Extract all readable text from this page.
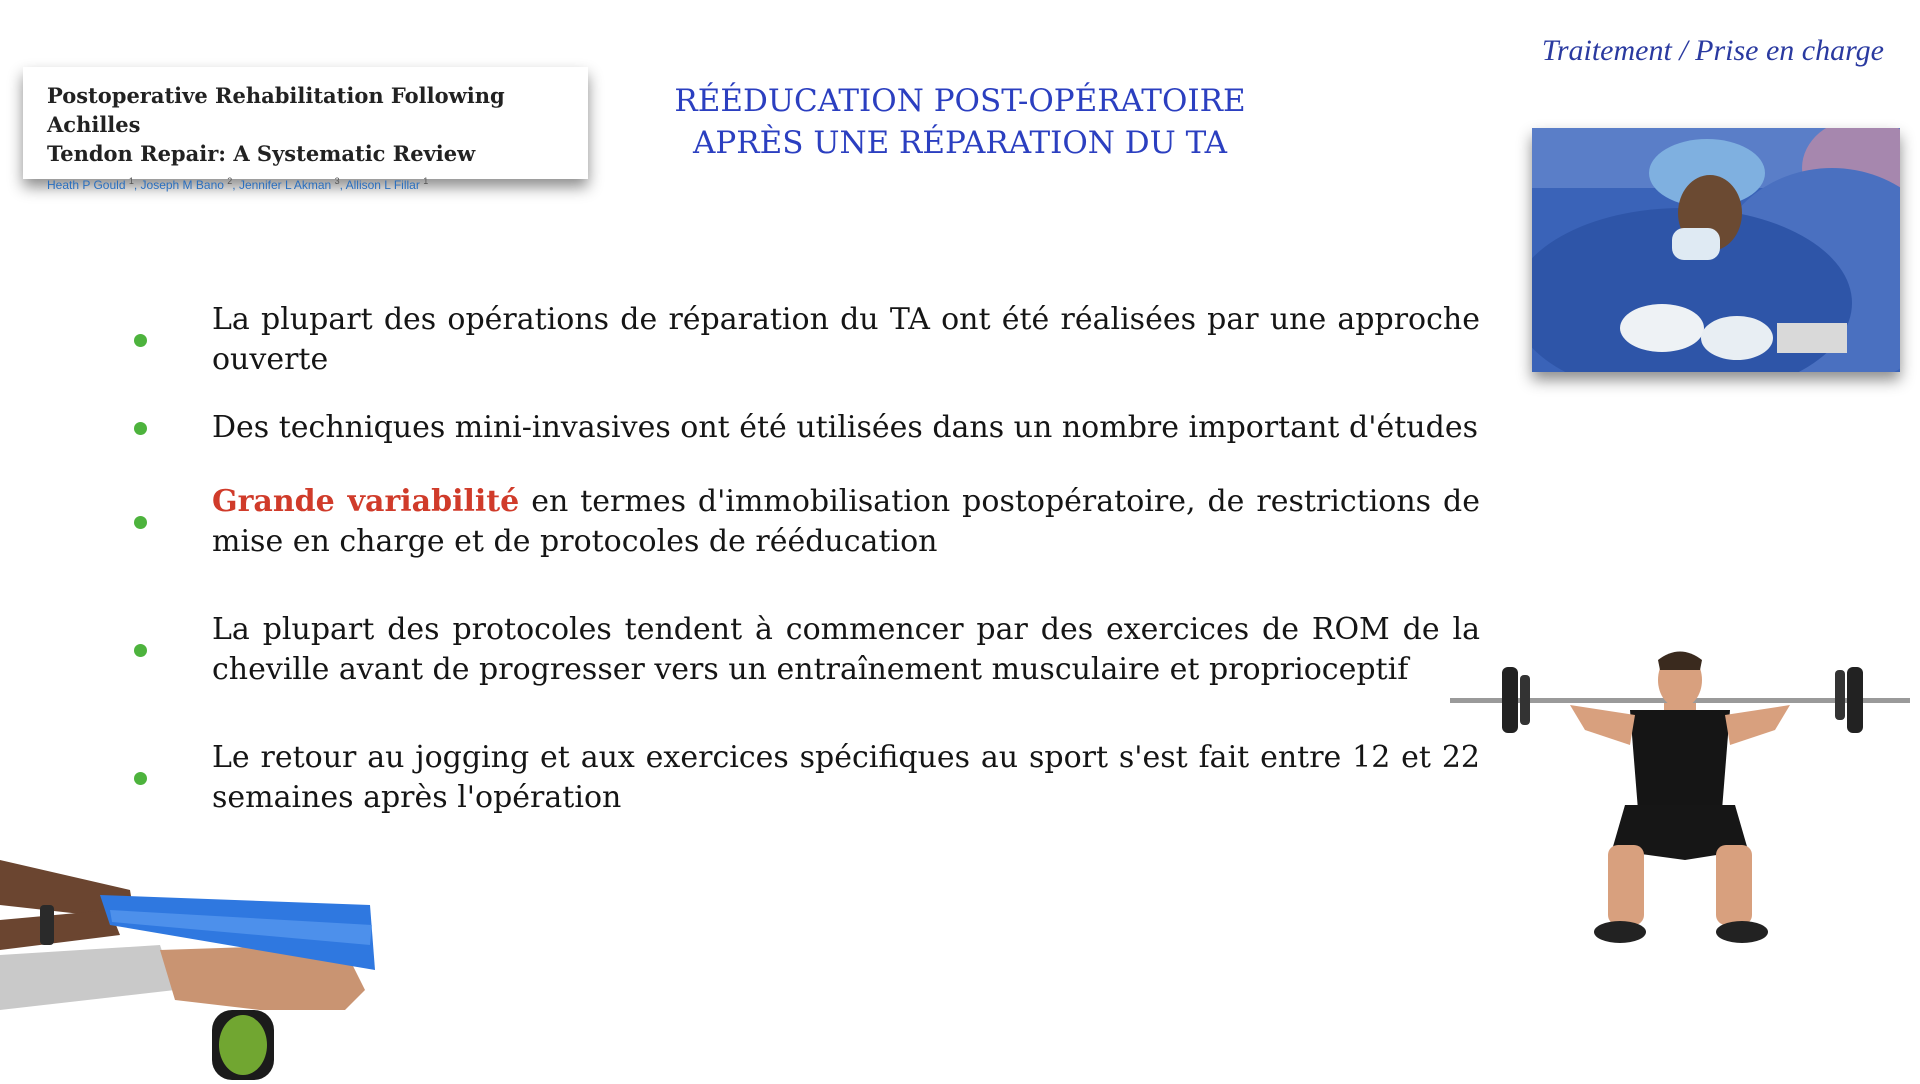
Traitement / Prise en charge
RÉÉDUCATION POST-OPÉRATOIRE
APRÈS UNE RÉPARATION DU TA
Postoperative Rehabilitation Following Achilles
Tendon Repair: A Systematic Review
Heath P Gould $^1$, Joseph M Bano $^2$, Jennifer L Akman $^3$, Allison L Fillar $^1$
La plupart des opérations de réparation du TA ont été réalisées par une approche ouverte
Des techniques mini-invasives ont été utilisées dans un nombre important d'études
Grande variabilité en termes d'immobilisation postopératoire, de restrictions de mise en charge et de protocoles de rééducation
La plupart des protocoles tendent à commencer par des exercices de ROM de la cheville avant de progresser vers un entraînement musculaire et proprioceptif
Le retour au jogging et aux exercices spécifiques au sport s'est fait entre 12 et 22 semaines après l'opération
